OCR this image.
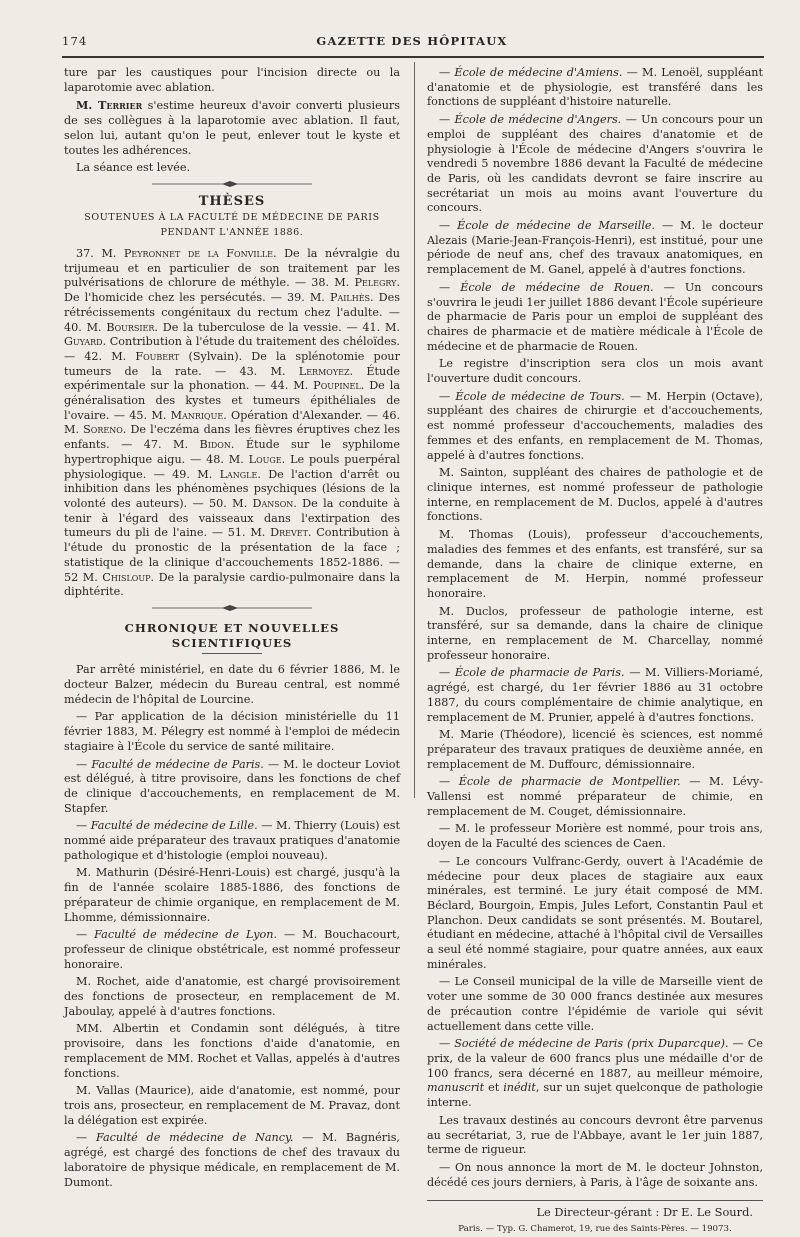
174	GAZETTE DES HÔPITAUX

ture par les caustiques pour l'incision directe ou la laparotomie avec ablation.

M. Terrier s'estime heureux d'avoir converti plusieurs de ses collègues à la laparotomie avec ablation. Il faut, selon lui, autant qu'on le peut, enlever tout le kyste et toutes les adhérences.

La séance est levée.

THÈSES
SOUTENUES À LA FACULTÉ DE MÉDECINE DE PARIS
PENDANT L'ANNÉE 1886.

37. M. Peyronnet de la Fonville. De la névralgie du trijumeau et en particulier de son traitement par les pulvérisations de chlorure de méthyle. — 38. M. Pelegry. De l'homicide chez les persécutés. — 39. M. Pailhès. Des rétrécissements congénitaux du rectum chez l'adulte. — 40. M. Boursier. De la tuberculose de la vessie. — 41. M. Guyard. Contribution à l'étude du traitement des chéloïdes. — 42. M. Foubert (Sylvain). De la splénotomie pour tumeurs de la rate. — 43. M. Lermoyez. Étude expérimentale sur la phonation. — 44. M. Poupinel. De la généralisation des kystes et tumeurs épithéliales de l'ovaire. — 45. M. Manrique. Opération d'Alexander. — 46. M. Soreno. De l'eczéma dans les fièvres éruptives chez les enfants. — 47. M. Bidon. Étude sur le syphilome hypertrophique aigu. — 48. M. Louge. Le pouls puerpéral physiologique. — 49. M. Langle. De l'action d'arrêt ou inhibition dans les phénomènes psychiques (lésions de la volonté des auteurs). — 50. M. Danson. De la conduite à tenir à l'égard des vaisseaux dans l'extirpation des tumeurs du pli de l'aine. — 51. M. Drevet. Contribution à l'étude du pronostic de la présentation de la face ; statistique de la clinique d'accouchements 1852-1886. — 52 M. Chisloup. De la paralysie cardio-pulmonaire dans la diphtérite.

CHRONIQUE ET NOUVELLES SCIENTIFIQUES

Par arrêté ministériel, en date du 6 février 1886, M. le docteur Balzer, médecin du Bureau central, est nommé médecin de l'hôpital de Lourcine.

— Par application de la décision ministérielle du 11 février 1883, M. Pélegry est nommé à l'emploi de médecin stagiaire à l'École du service de santé militaire.

— Faculté de médecine de Paris. — M. le docteur Loviot est délégué, à titre provisoire, dans les fonctions de chef de clinique d'accouchements, en remplacement de M. Stapfer.

— Faculté de médecine de Lille. — M. Thierry (Louis) est nommé aide préparateur des travaux pratiques d'anatomie pathologique et d'histologie (emploi nouveau).

M. Mathurin (Désiré-Henri-Louis) est chargé, jusqu'à la fin de l'année scolaire 1885-1886, des fonctions de préparateur de chimie organique, en remplacement de M. Lhomme, démissionnaire.

— Faculté de médecine de Lyon. — M. Bouchacourt, professeur de clinique obstétricale, est nommé professeur honoraire.

M. Rochet, aide d'anatomie, est chargé provisoirement des fonctions de prosecteur, en remplacement de M. Jaboulay, appelé à d'autres fonctions.

MM. Albertin et Condamin sont délégués, à titre provisoire, dans les fonctions d'aide d'anatomie, en remplacement de MM. Rochet et Vallas, appelés à d'autres fonctions.

M. Vallas (Maurice), aide d'anatomie, est nommé, pour trois ans, prosecteur, en remplacement de M. Pravaz, dont la délégation est expirée.

— Faculté de médecine de Nancy. — M. Bagnéris, agrégé, est chargé des fonctions de chef des travaux du laboratoire de physique médicale, en remplacement de M. Dumont.

— École de médecine d'Amiens. — M. Lenoël, suppléant d'anatomie et de physiologie, est transféré dans les fonctions de suppléant d'histoire naturelle.

— École de médecine d'Angers. — Un concours pour un emploi de suppléant des chaires d'anatomie et de physiologie à l'École de médecine d'Angers s'ouvrira le vendredi 5 novembre 1886 devant la Faculté de médecine de Paris, où les candidats devront se faire inscrire au secrétariat un mois au moins avant l'ouverture du concours.

— École de médecine de Marseille. — M. le docteur Alezais (Marie-Jean-François-Henri), est institué, pour une période de neuf ans, chef des travaux anatomiques, en remplacement de M. Ganel, appelé à d'autres fonctions.

— École de médecine de Rouen. — Un concours s'ouvrira le jeudi 1er juillet 1886 devant l'École supérieure de pharmacie de Paris pour un emploi de suppléant des chaires de pharmacie et de matière médicale à l'École de médecine et de pharmacie de Rouen.

Le registre d'inscription sera clos un mois avant l'ouverture dudit concours.

— École de médecine de Tours. — M. Herpin (Octave), suppléant des chaires de chirurgie et d'accouchements, est nommé professeur d'accouchements, maladies des femmes et des enfants, en remplacement de M. Thomas, appelé à d'autres fonctions.

M. Sainton, suppléant des chaires de pathologie et de clinique internes, est nommé professeur de pathologie interne, en remplacement de M. Duclos, appelé à d'autres fonctions.

M. Thomas (Louis), professeur d'accouchements, maladies des femmes et des enfants, est transféré, sur sa demande, dans la chaire de clinique externe, en remplacement de M. Herpin, nommé professeur honoraire.

M. Duclos, professeur de pathologie interne, est transféré, sur sa demande, dans la chaire de clinique interne, en remplacement de M. Charcellay, nommé professeur honoraire.

— École de pharmacie de Paris. — M. Villiers-Moriamé, agrégé, est chargé, du 1er février 1886 au 31 octobre 1887, du cours complémentaire de chimie analytique, en remplacement de M. Prunier, appelé à d'autres fonctions.

M. Marie (Théodore), licencié ès sciences, est nommé préparateur des travaux pratiques de deuxième année, en remplacement de M. Duffourc, démissionnaire.

— École de pharmacie de Montpellier. — M. Lévy-Vallensi est nommé préparateur de chimie, en remplacement de M. Couget, démissionnaire.

— M. le professeur Morière est nommé, pour trois ans, doyen de la Faculté des sciences de Caen.

— Le concours Vulfranc-Gerdy, ouvert à l'Académie de médecine pour deux places de stagiaire aux eaux minérales, est terminé. Le jury était composé de MM. Béclard, Bourgoin, Empis, Jules Lefort, Constantin Paul et Planchon. Deux candidats se sont présentés. M. Boutarel, étudiant en médecine, attaché à l'hôpital civil de Versailles a seul été nommé stagiaire, pour quatre années, aux eaux minérales.

— Le Conseil municipal de la ville de Marseille vient de voter une somme de 30 000 francs destinée aux mesures de précaution contre l'épidémie de variole qui sévit actuellement dans cette ville.

— Société de médecine de Paris (prix Duparcque). — Ce prix, de la valeur de 600 francs plus une médaille d'or de 100 francs, sera décerné en 1887, au meilleur mémoire, manuscrit et inédit, sur un sujet quelconque de pathologie interne.

Les travaux destinés au concours devront être parvenus au secrétariat, 3, rue de l'Abbaye, avant le 1er juin 1887, terme de rigueur.

— On nous annonce la mort de M. le docteur Johnston, décédé ces jours derniers, à Paris, à l'âge de soixante ans.

Le Directeur-gérant : Dr E. Le Sourd.
Paris. — Typ. G. Chamerot, 19, rue des Saints-Pères. — 19073.
